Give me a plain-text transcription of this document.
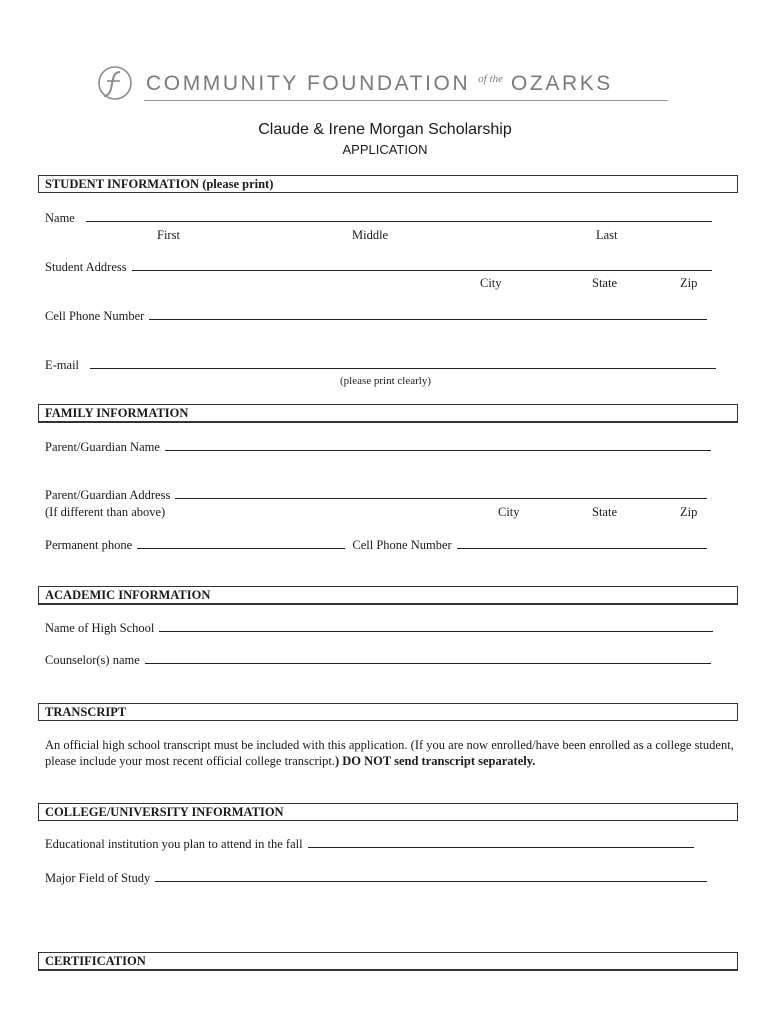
COMMUNITY FOUNDATION $^{of the}$ OZARKS
Claude & Irene Morgan Scholarship
APPLICATION
STUDENT INFORMATION (please print)
Name
First	Middle	Last
Student Address
City	State	Zip
Cell Phone Number
E-mail
(please print clearly)
FAMILY INFORMATION
Parent/Guardian Name
Parent/Guardian Address
(If different than above)	City	State	Zip
Permanent phone	Cell Phone Number
ACADEMIC INFORMATION
Name of High School
Counselor(s) name
TRANSCRIPT
An official high school transcript must be included with this application. (If you are now enrolled/have been enrolled as a college student, please include your most recent official college transcript.) DO NOT send transcript separately.
COLLEGE/UNIVERSITY INFORMATION
Educational institution you plan to attend in the fall
Major Field of Study
CERTIFICATION
